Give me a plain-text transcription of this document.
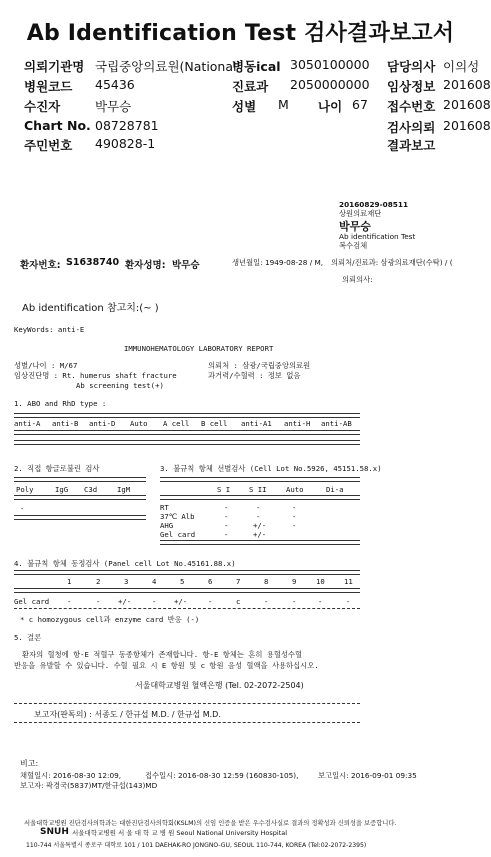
Ab Identification Test 검사결과보고서
의뢰기관명 국립중앙의료원(National
병동ical 3050100000 담당의사 이의성
병원코드 45436	진료과 2050000000 임상정보 201608
수진자	박무승	성별 M 나이 67 접수번호 201608
Chart No. 08728781	검사의뢰 201608
주민번호 490828-1	결과보고
20160829-08511
상원의료재단
박무승
Ab identification Test
복수검체
환자번호: S1638740 환자성명: 박무승	생년월일: 1949-08-28 / M, 의뢰처/진료과: 삼광의료재단(수탁) / (
의뢰의사:
Ab identification 참고치:(~ )
KeyWords: anti-E
IMMUNOHEMATOLOGY LABORATORY REPORT
성별/나이 : M/67
임상진단명 : Rt. humerus shaft fracture
Ab screening test(+)
의뢰처 : 삼광/국립중앙의료원
과거력/수혈력 : 정보 없음
1. ABO and RhD type :
anti-A anti-B anti-D Auto A cell B cell anti-A1 anti-H anti-AB
2. 직접 항글로불린 검사	3. 불규칙 항체 선별검사 (Cell Lot No.5926, 45151.58.x)
Poly	IgG C3d	IgM
-
S I	S II	Auto	Di-a
RT	-	-	-
37℃ Alb	-	-	-
AHG	-	+/-	-
Gel card	-	+/-
4. 불규칙 항체 동정검사 (Panel cell Lot No.45161.88.x)
1	2	3	4	5	6	7	8	9	10	11
Gel card -	- +/-	- +/-	-	c	-	-	-	-
* c homozygous cell과 enzyme card 반응 (-)
5. 결론
환자의 혈청에 항-E 적혈구 동종항체가 존재합니다. 항-E 항체는 흔히 용혈성수혈
반응을 유발할 수 있습니다. 수혈 필요 시 E 항원 및 c 항원 음성 혈액을 사용하십시오.
서울대학교병원 혈액은행 (Tel. 02-2072-2504)
보고자(판독의) : 서종도 / 한규섭 M.D. / 한규섭 M.D.
비고:
채혈일시: 2016-08-30 12:09,	접수일시: 2016-08-30 12:59 (160830-105),	보고일시: 2016-09-01 09:35
보고자: 곽경국(5837)MT/한규섭(143)MD
서울대학교병원 진단검사의학과는 대한진단검사의학회(KSLM)의 신임 인증을 받은 우수검사실로 결과의 정확성과 신뢰성을 보증합니다.
SNUH 서울대학교병원 서 울 대 학 교 병 원 Seoul National University Hospital
110-744 서울특별시 종로구 대학로 101 / 101 DAEHAK-RO JONGNO-GU, SEOUL 110-744, KOREA (Tel:02-2072-2395)
